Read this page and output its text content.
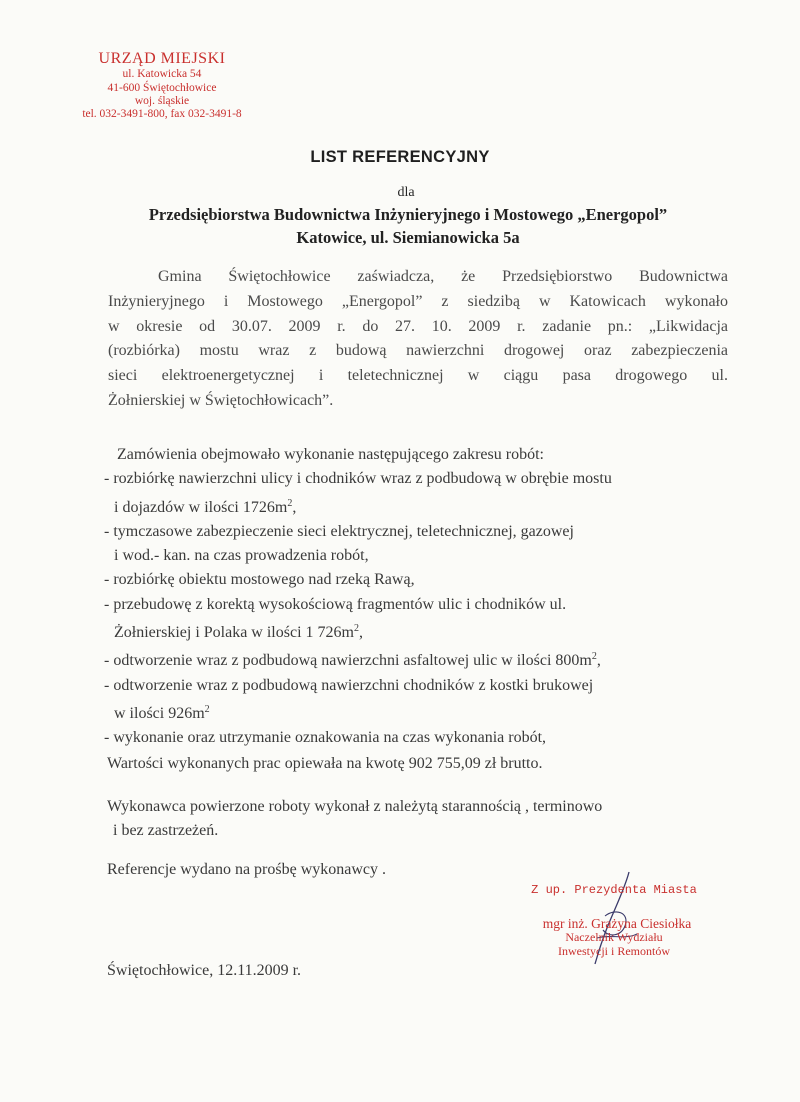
URZĄD MIEJSKI
ul. Katowicka 54
41-600 Świętochłowice
woj. śląskie
tel. 032-3491-800, fax 032-3491-8
LIST REFERENCYJNY
dla
Przedsiębiorstwa Budownictwa Inżynieryjnego i Mostowego „Energopol”
Katowice, ul. Siemianowicka 5a
Gmina Świętochłowice zaświadcza, że Przedsiębiorstwo Budownictwa
Inżynieryjnego i Mostowego „Energopol” z siedzibą w Katowicach wykonało
w okresie od 30.07. 2009 r. do 27. 10. 2009 r. zadanie pn.: „Likwidacja
(rozbiórka) mostu wraz z budową nawierzchni drogowej oraz zabezpieczenia
sieci elektroenergetycznej i teletechnicznej w ciągu pasa drogowego ul.
Żołnierskiej w Świętochłowicach”.
Zamówienia obejmowało wykonanie następującego zakresu robót:
- rozbiórkę nawierzchni ulicy i chodników wraz z podbudową w obrębie mostu
i dojazdów w ilości $1726m^2$,
- tymczasowe zabezpieczenie sieci elektrycznej, teletechnicznej, gazowej
i wod.- kan. na czas prowadzenia robót,
- rozbiórkę obiektu mostowego nad rzeką Rawą,
- przebudowę z korektą wysokościową fragmentów ulic i chodników ul.
Żołnierskiej i Polaka w ilości 1 $726m^2$,
- odtworzenie wraz z podbudową nawierzchni asfaltowej ulic w ilości $800m^2$,
- odtworzenie wraz z podbudową nawierzchni chodników z kostki brukowej
w ilości $926m^2$
- wykonanie oraz utrzymanie oznakowania na czas wykonania robót,
Wartości wykonanych prac opiewała na kwotę 902 755,09 zł brutto.
Wykonawca powierzone roboty wykonał z należytą starannością , terminowo
i bez zastrzeżeń.
Referencje wydano na prośbę wykonawcy .
Z up. Prezydenta Miasta
mgr inż. Grażyna Ciesiołka
Naczelnik Wydziału
Inwestycji i Remontów
Świętochłowice, 12.11.2009 r.
